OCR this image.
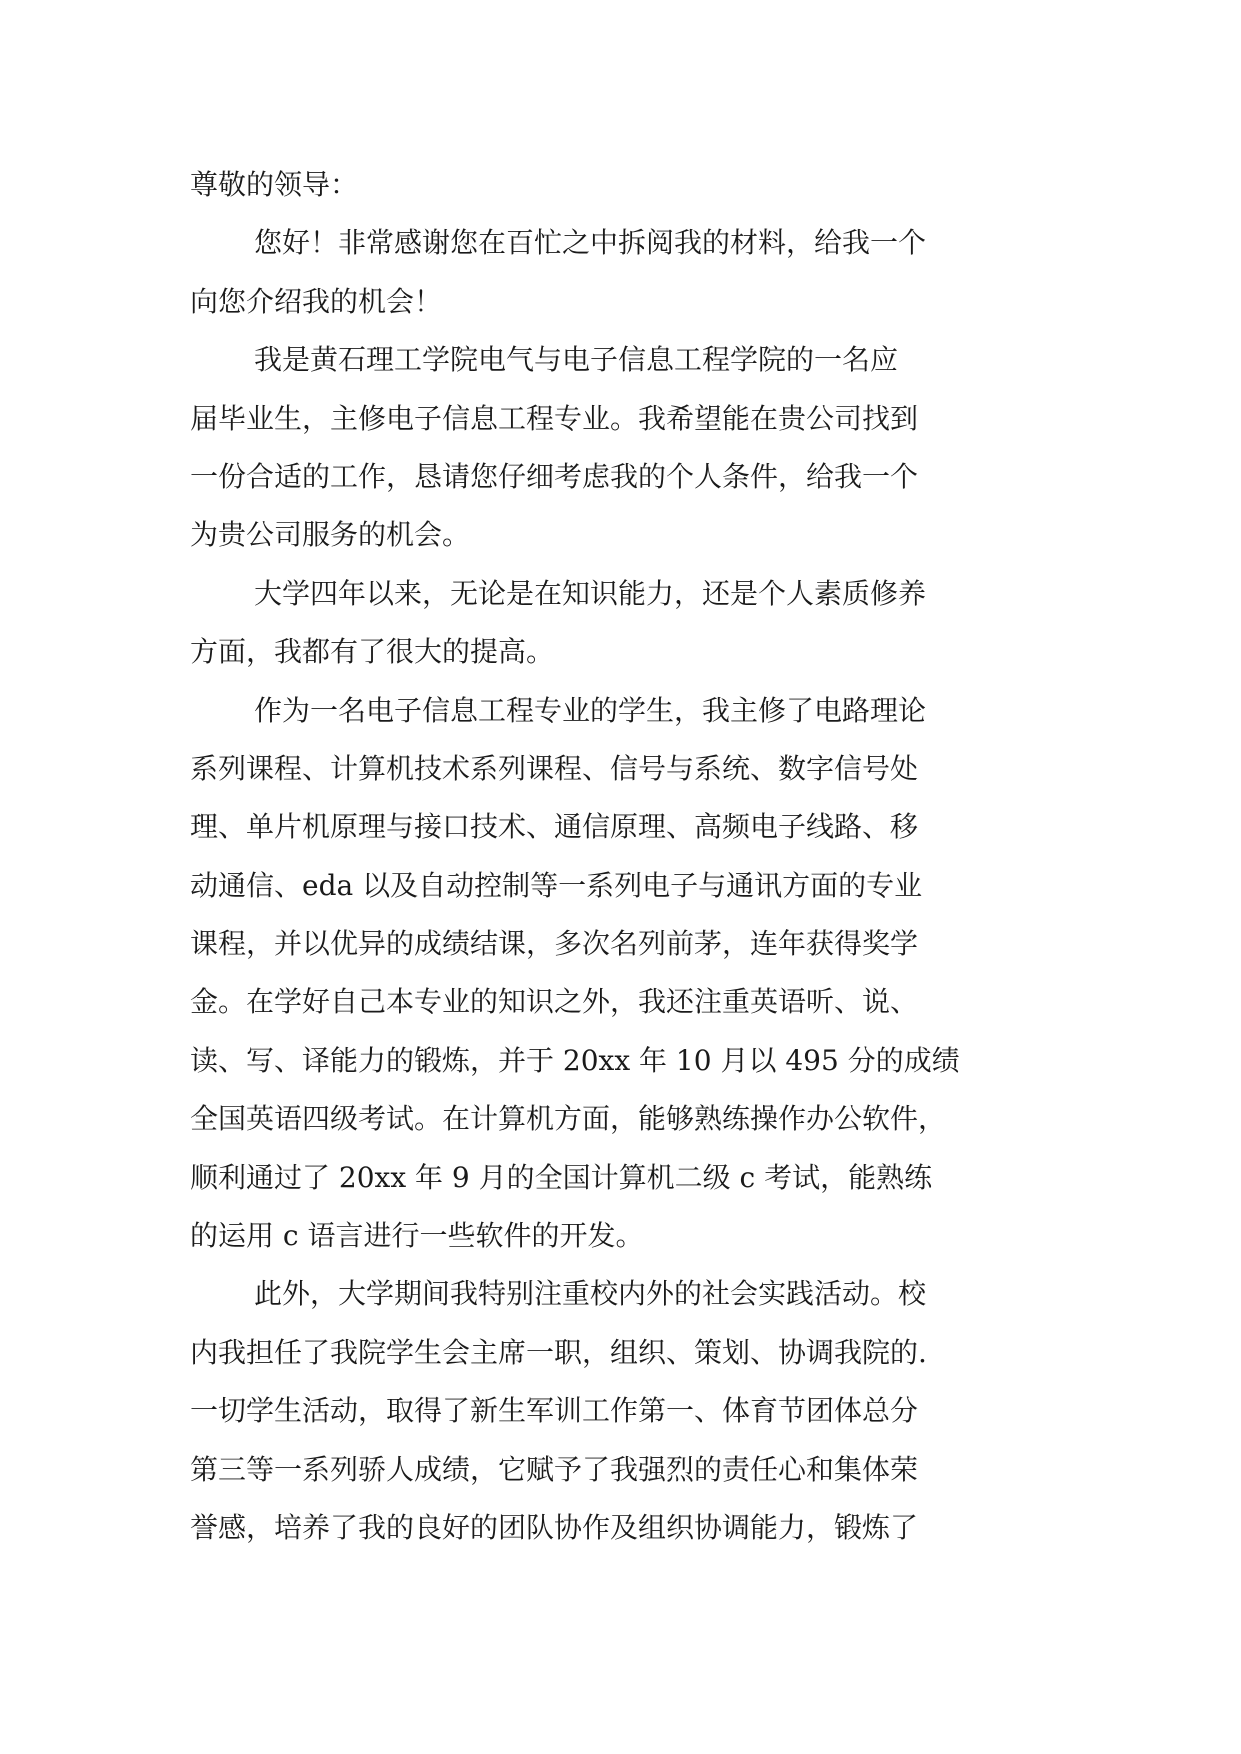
尊敬的领导：
您好！非常感谢您在百忙之中拆阅我的材料，给我一个
向您介绍我的机会！
我是黄石理工学院电气与电子信息工程学院的一名应
届毕业生，主修电子信息工程专业。我希望能在贵公司找到
一份合适的工作，恳请您仔细考虑我的个人条件，给我一个
为贵公司服务的机会。
大学四年以来，无论是在知识能力，还是个人素质修养
方面，我都有了很大的提高。
作为一名电子信息工程专业的学生，我主修了电路理论
系列课程、计算机技术系列课程、信号与系统、数字信号处
理、单片机原理与接口技术、通信原理、高频电子线路、移
动通信、eda 以及自动控制等一系列电子与通讯方面的专业
课程，并以优异的成绩结课，多次名列前茅，连年获得奖学
金。在学好自己本专业的知识之外，我还注重英语听、说、
读、写、译能力的锻炼，并于 20xx 年 10 月以 495 分的成绩
全国英语四级考试。在计算机方面，能够熟练操作办公软件，
顺利通过了 20xx 年 9 月的全国计算机二级 c 考试，能熟练
的运用 c 语言进行一些软件的开发。
此外，大学期间我特别注重校内外的社会实践活动。校
内我担任了我院学生会主席一职，组织、策划、协调我院的.
一切学生活动，取得了新生军训工作第一、体育节团体总分
第三等一系列骄人成绩，它赋予了我强烈的责任心和集体荣
誉感，培养了我的良好的团队协作及组织协调能力，锻炼了
